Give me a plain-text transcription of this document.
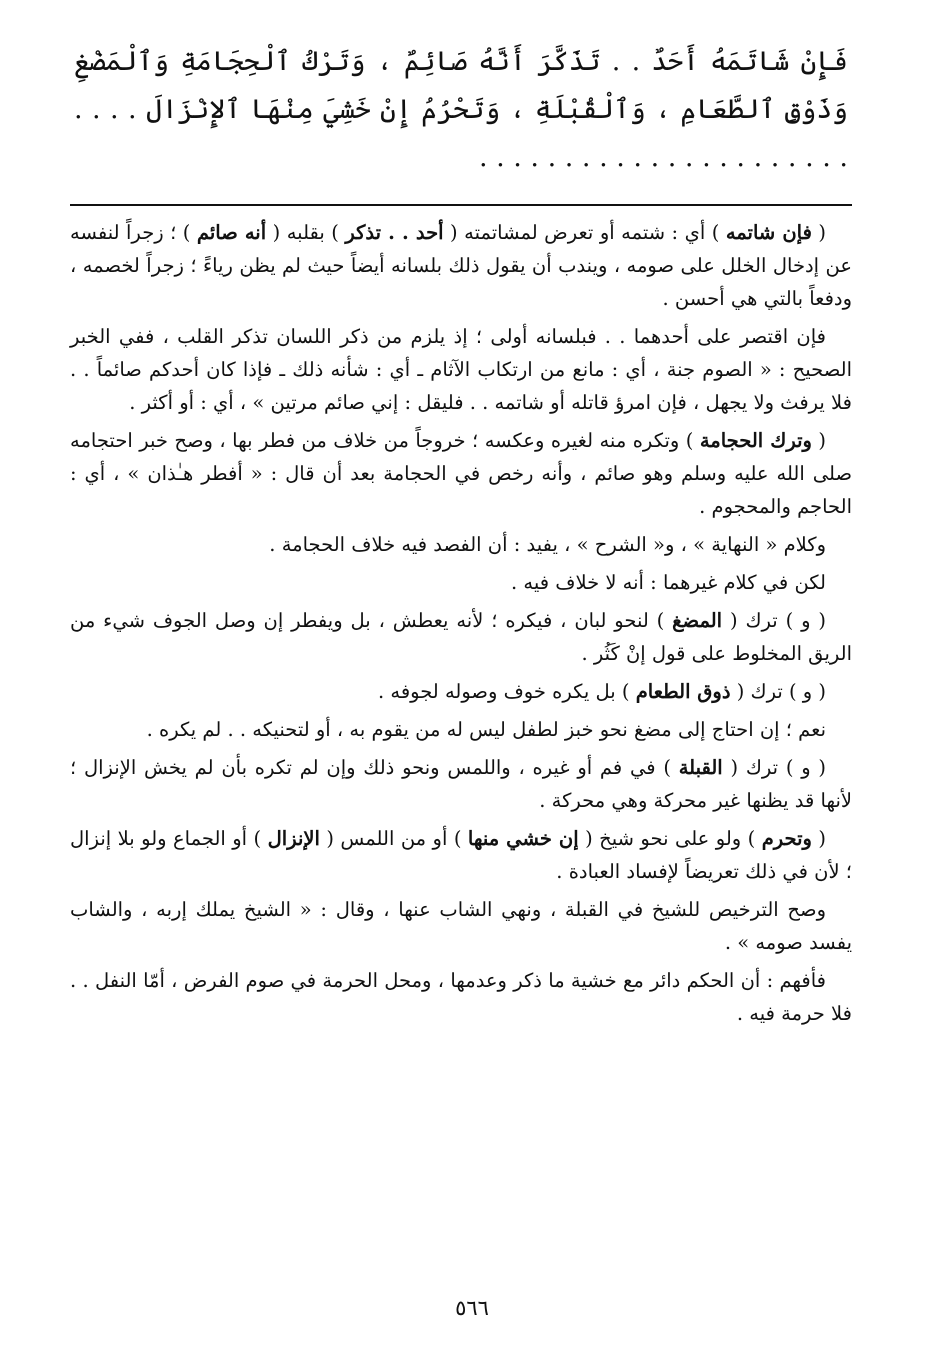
فَإِنْ شَاتَمَهُ أَحَدٌ . . تَذَكَّرَ أَنَّهُ صَائِمٌ ، وَتَرْكُ ٱلْحِجَامَةِ وَٱلْمَضْغِ وَذَوْقِ ٱلطَّعَامِ ، وَٱلْقُبْلَةِ ، وَتَحْرُمُ إِنْ خَشِيَ مِنْهَا ٱلإِنْزَالَ . . . . . . . . . . . . . . . . . . . . . . . . . .

( فإن شاتمه ) أي : شتمه أو تعرض لمشاتمته ( أحد . . تذكر ) بقلبه ( أنه صائم ) ؛ زجراً لنفسه عن إدخال الخلل على صومه ، ويندب أن يقول ذلك بلسانه أيضاً حيث لم يظن رياءً ؛ زجراً لخصمه ، ودفعاً بالتي هي أحسن .

فإن اقتصر على أحدهما . . فبلسانه أولى ؛ إذ يلزم من ذكر اللسان تذكر القلب ، ففي الخبر الصحيح : « الصوم جنة ، أي : مانع من ارتكاب الآثام ـ أي : شأنه ذلك ـ فإذا كان أحدكم صائماً . . فلا يرفث ولا يجهل ، فإن امرؤ قاتله أو شاتمه . . فليقل : إني صائم مرتين » ، أي : أو أكثر .

( وترك الحجامة ) وتكره منه لغيره وعكسه ؛ خروجاً من خلاف من فطر بها ، وصح خبر احتجامه صلى الله عليه وسلم وهو صائم ، وأنه رخص في الحجامة بعد أن قال : « أفطر هـٰذان » ، أي : الحاجم والمحجوم .

وكلام « النهاية » ، و« الشرح » ، يفيد : أن الفصد فيه خلاف الحجامة .

لكن في كلام غيرهما : أنه لا خلاف فيه .

( و ) ترك ( المضغ ) لنحو لبان ، فيكره ؛ لأنه يعطش ، بل ويفطر إن وصل الجوف شيء من الريق المخلوط على قول إنْ كَثُر .

( و ) ترك ( ذوق الطعام ) بل يكره خوف وصوله لجوفه .

نعم ؛ إن احتاج إلى مضغ نحو خبز لطفل ليس له من يقوم به ، أو لتحنيكه . . لم يكره .

( و ) ترك ( القبلة ) في فم أو غيره ، واللمس ونحو ذلك وإن لم تكره بأن لم يخش الإنزال ؛ لأنها قد يظنها غير محركة وهي محركة .

( وتحرم ) ولو على نحو شيخ ( إن خشي منها ) أو من اللمس ( الإنزال ) أو الجماع ولو بلا إنزال ؛ لأن في ذلك تعريضاً لإفساد العبادة .

وصح الترخيص للشيخ في القبلة ، ونهي الشاب عنها ، وقال : « الشيخ يملك إربه ، والشاب يفسد صومه » .

فأفهم : أن الحكم دائر مع خشية ما ذكر وعدمها ، ومحل الحرمة في صوم الفرض ، أمّا النفل . . فلا حرمة فيه .

٥٦٦
